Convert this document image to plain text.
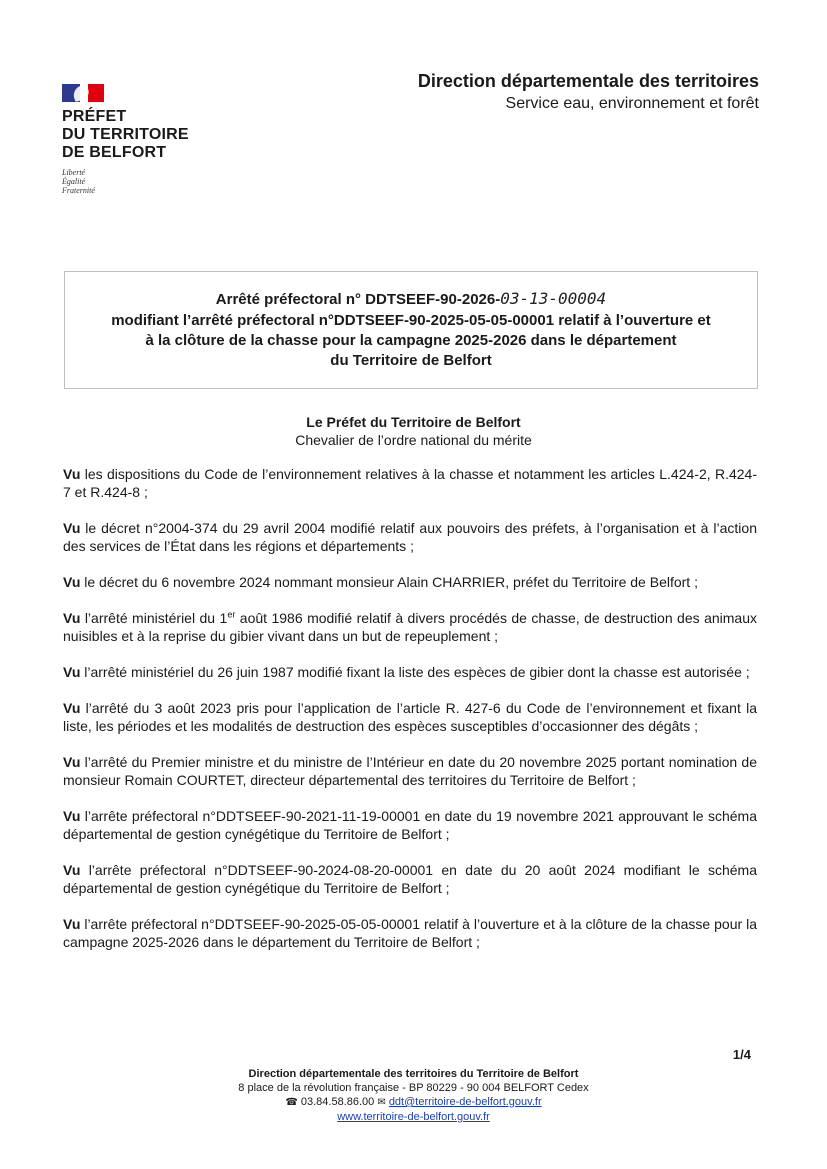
PRÉFET
DU TERRITOIRE
DE BELFORT
Liberté
Égalité
Fraternité
Direction départementale des territoires
Service eau, environnement et forêt
Arrêté préfectoral n° DDTSEEF-90-2026-03-13-00004
modifiant l’arrêté préfectoral n°DDTSEEF-90-2025-05-05-00001 relatif à l’ouverture et
à la clôture de la chasse pour la campagne 2025-2026 dans le département
du Territoire de Belfort
Le Préfet du Territoire de Belfort
Chevalier de l’ordre national du mérite

Vu les dispositions du Code de l’environnement relatives à la chasse et notamment les articles L.424-2, R.424-7 et R.424-8 ;

Vu le décret n°2004-374 du 29 avril 2004 modifié relatif aux pouvoirs des préfets, à l’organisation et à l’action des services de l’État dans les régions et départements ;

Vu le décret du 6 novembre 2024 nommant monsieur Alain CHARRIER, préfet du Territoire de Belfort ;

Vu l’arrêté ministériel du 1er août 1986 modifié relatif à divers procédés de chasse, de destruction des animaux nuisibles et à la reprise du gibier vivant dans un but de repeuplement ;

Vu l’arrêté ministériel du 26 juin 1987 modifié fixant la liste des espèces de gibier dont la chasse est autorisée ;

Vu l’arrêté du 3 août 2023 pris pour l’application de l’article R. 427-6 du Code de l’environnement et fixant la liste, les périodes et les modalités de destruction des espèces susceptibles d’occasionner des dégâts ;

Vu l’arrêté du Premier ministre et du ministre de l’Intérieur en date du 20 novembre 2025 portant nomination de monsieur Romain COURTET, directeur départemental des territoires du Territoire de Belfort ;

Vu l’arrête préfectoral n°DDTSEEF-90-2021-11-19-00001 en date du 19 novembre 2021 approuvant le schéma départemental de gestion cynégétique du Territoire de Belfort ;

Vu l’arrête préfectoral n°DDTSEEF-90-2024-08-20-00001 en date du 20 août 2024 modifiant le schéma départemental de gestion cynégétique du Territoire de Belfort ;

Vu l’arrête préfectoral n°DDTSEEF-90-2025-05-05-00001 relatif à l’ouverture et à la clôture de la chasse pour la campagne 2025-2026 dans le département du Territoire de Belfort ;

1/4
Direction départementale des territoires du Territoire de Belfort
8 place de la révolution française - BP 80229 - 90 004 BELFORT Cedex
☎ 03.84.58.86.00 ✉ ddt@territoire-de-belfort.gouv.fr
www.territoire-de-belfort.gouv.fr
